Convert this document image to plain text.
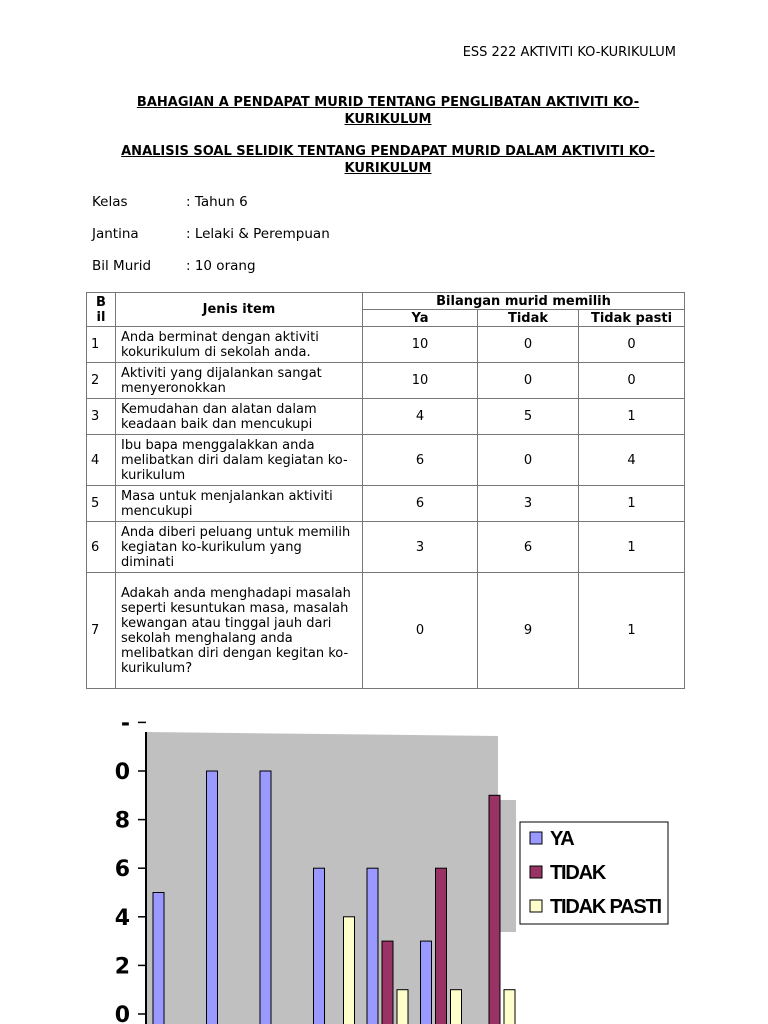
ESS 222 AKTIVITI KO-KURIKULUM
BAHAGIAN A PENDAPAT MURID TENTANG PENGLIBATAN AKTIVITI KO-KURIKULUM
ANALISIS SOAL SELIDIK TENTANG PENDAPAT MURID DALAM AKTIVITI KO-KURIKULUM
Kelas	: Tahun 6
Jantina	: Lelaki & Perempuan
Bil Murid	: 10 orang
B il	Jenis item	Bilangan murid memilih		
		Ya	Tidak	Tidak pasti
1	Anda berminat dengan aktiviti kokurikulum di sekolah anda.	10	0	0
2	Aktiviti yang dijalankan sangat menyeronokkan	10	0	0
3	Kemudahan dan alatan dalam keadaan baik dan mencukupi	4	5	1
4	Ibu bapa menggalakkan anda melibatkan diri dalam kegiatan ko-kurikulum	6	0	4
5	Masa untuk menjalankan aktiviti mencukupi	6	3	1
6	Anda diberi peluang untuk memilih kegiatan ko-kurikulum yang diminati	3	6	1
7	Adakah anda menghadapi masalah seperti kesuntukan masa, masalah kewangan atau tinggal jauh dari sekolah menghalang anda melibatkan diri dengan kegitan ko-kurikulum?	0	9	1
0
2
4
6
8
0
-
YA
TIDAK
TIDAK PASTI
